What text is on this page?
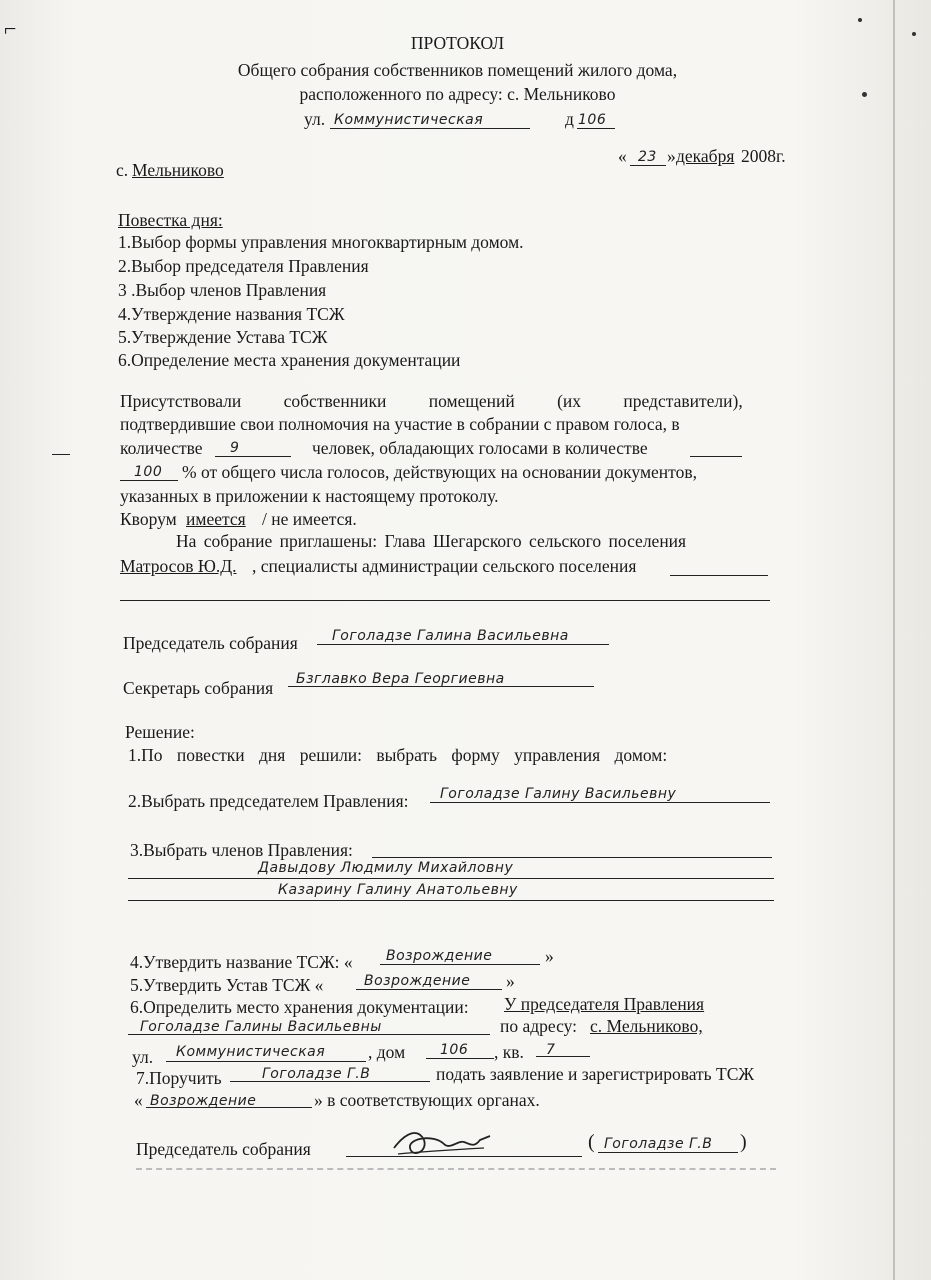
⌐
ПРОТОКОЛ
Общего собрания собственников помещений жилого дома,
расположенного по адресу: с. Мельниково
ул. Коммунистическая	д 106
с. Мельниково
« 23 » декабря 2008г.
Повестка дня:
1.Выбор формы управления многоквартирным домом.
2.Выбор председателя Правления
3 .Выбор членов Правления
4.Утверждение названия ТСЖ
5.Утверждение Устава ТСЖ
6.Определение места хранения документации
Присутствовали собственники помещений (их представители),
подтвердившие свои полномочия на участие в собрании с правом голоса, в
количестве 9	человек, обладающих голосами в количестве
100 % от общего числа голосов, действующих на основании документов,
указанных в приложении к настоящему протоколу.
Кворум имеется / не имеется.
На собрание приглашены: Глава Шегарского сельского поселения
Матросов Ю.Д. , специалисты администрации сельского поселения
Председатель собрания Гоголадзе Галина Васильевна
Секретарь собрания Бзглавко Вера Георгиевна
Решение:
1.По повестки дня решили: выбрать форму управления домом:
2.Выбрать председателем Правления: Гоголадзе Галину Васильевну
3.Выбрать членов Правления:
Давыдову Людмилу Михайловну
Казарину Галину Анатольевну
4.Утвердить название ТСЖ: « Возрождение	»
5.Утвердить Устав ТСЖ «	Возрождение »
6.Определить место хранения документации: У председателя Правления
Гоголадзе Галины Васильевны	по адресу: с. Мельниково,
ул. Коммунистическая , дом 106 , кв. 7
7.Поручить	Гоголадзе Г.В	подать заявление и зарегистрировать ТСЖ
« Возрождение	» в соответствующих органах.
Председатель собрания	( Гоголадзе Г.В )
